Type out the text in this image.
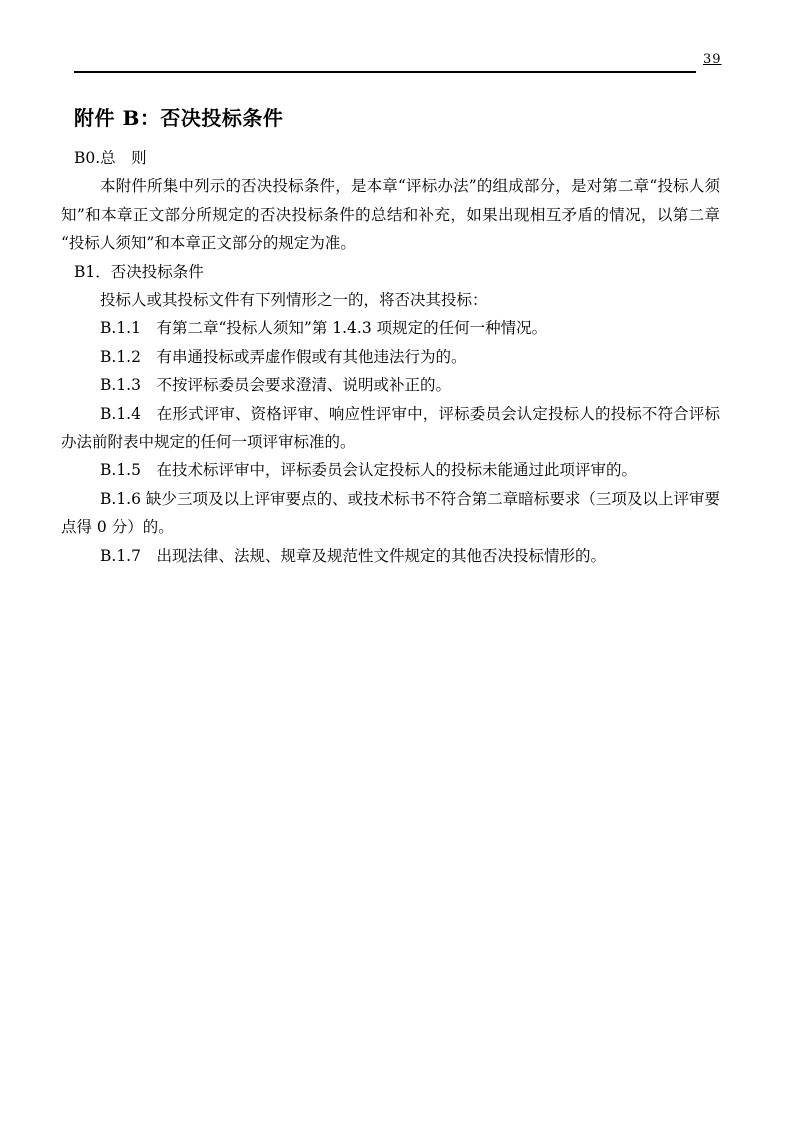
39
附件 B：否决投标条件

B0.总　则

本附件所集中列示的否决投标条件，是本章“评标办法”的组成部分，是对第二章“投标人须知”和本章正文部分所规定的否决投标条件的总结和补充，如果出现相互矛盾的情况，以第二章“投标人须知”和本章正文部分的规定为准。

B1．否决投标条件

投标人或其投标文件有下列情形之一的，将否决其投标：

B.1.1　有第二章“投标人须知”第 1.4.3 项规定的任何一种情况。

B.1.2　有串通投标或弄虚作假或有其他违法行为的。

B.1.3　不按评标委员会要求澄清、说明或补正的。

B.1.4　在形式评审、资格评审、响应性评审中，评标委员会认定投标人的投标不符合评标办法前附表中规定的任何一项评审标准的。

B.1.5　在技术标评审中，评标委员会认定投标人的投标未能通过此项评审的。

B.1.6 缺少三项及以上评审要点的、或技术标书不符合第二章暗标要求（三项及以上评审要点得 0 分）的。

B.1.7　出现法律、法规、规章及规范性文件规定的其他否决投标情形的。
